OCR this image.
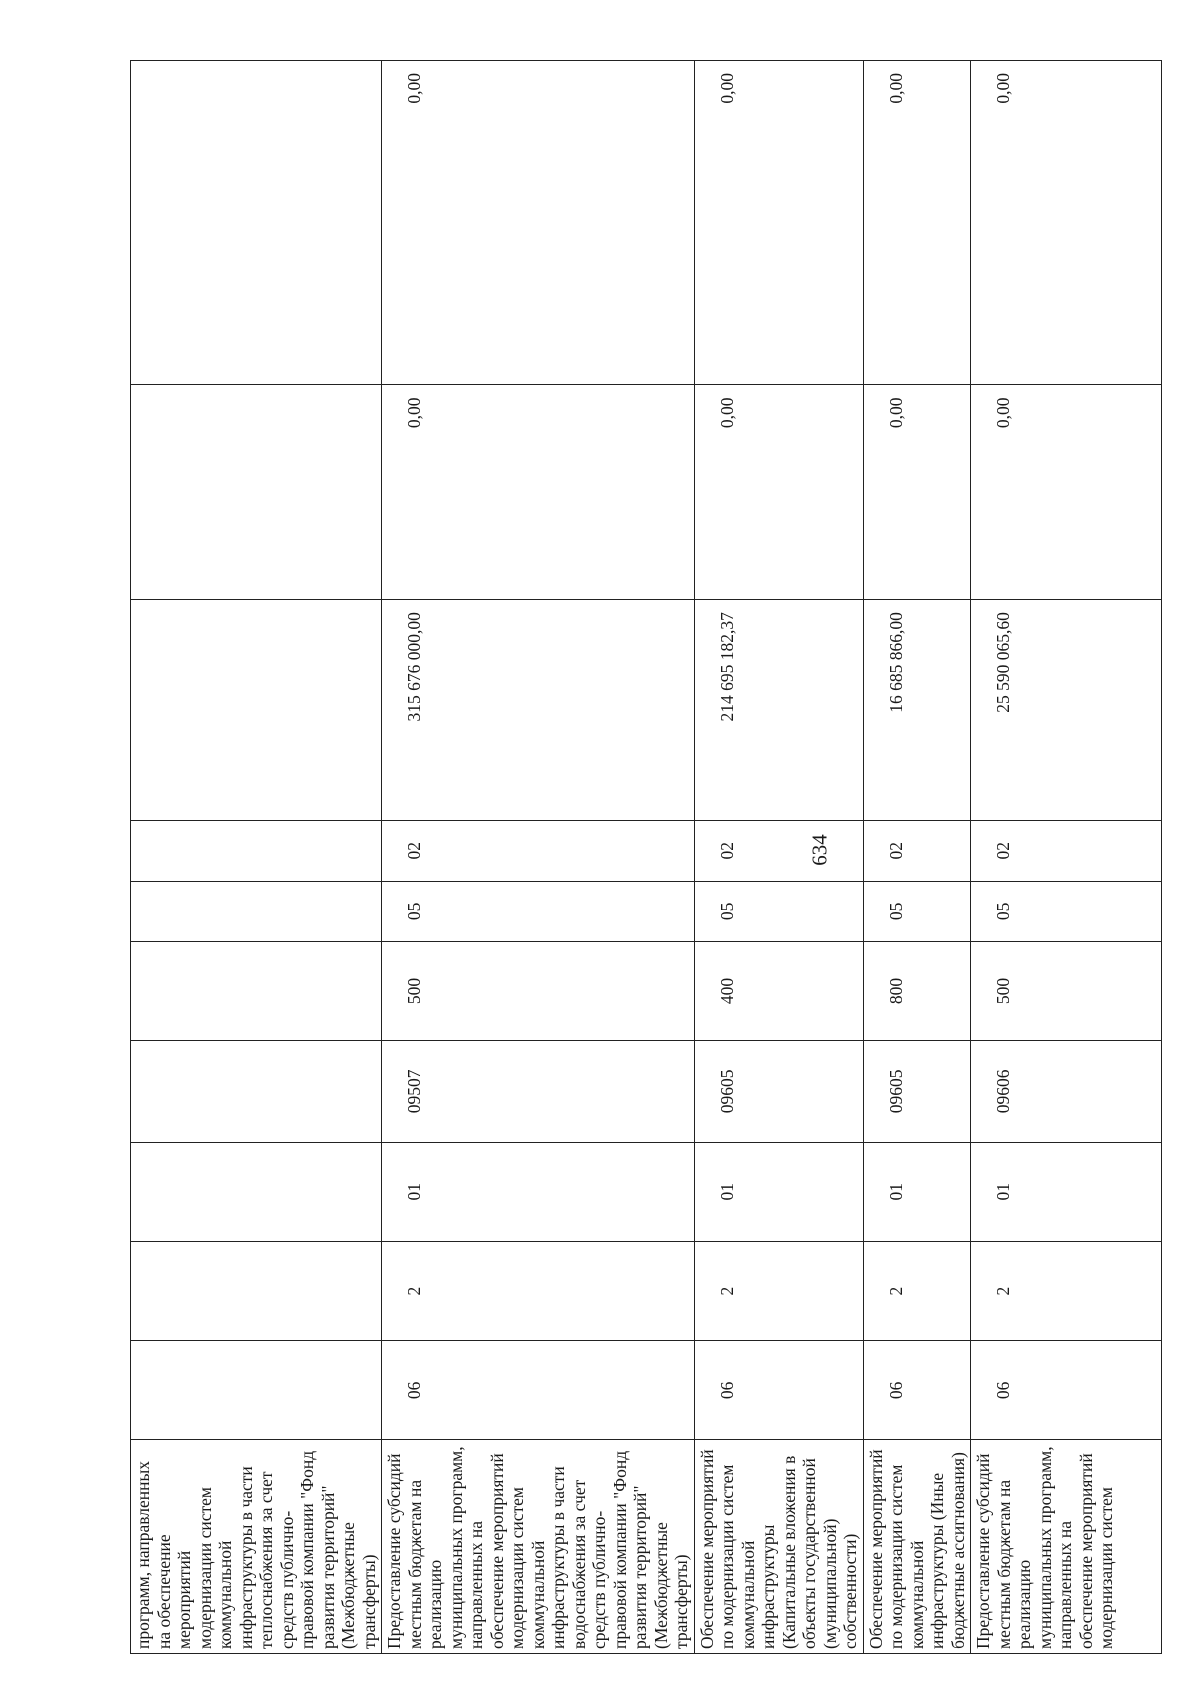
634
программ, направленных на обеспечение мероприятий модернизации систем коммунальной инфраструктуры в части теплоснабжения за счет средств публично-правовой компании "Фонд развития территорий" (Межбюджетные трансферты)										
Предоставление субсидий местным бюджетам на реализацию муниципальных программ, направленных на обеспечение мероприятий модернизации систем коммунальной инфраструктуры в части водоснабжения за счет средств публично-правовой компании "Фонд развития территорий" (Межбюджетные трансферты)	06	2	01	09507	500	05	02	315 676 000,00	0,00	0,00
Обеспечение мероприятий по модернизации систем коммунальной инфраструктуры (Капитальные вложения в объекты государственной (муниципальной) собственности)	06	2	01	09605	400	05	02	214 695 182,37	0,00	0,00
Обеспечение мероприятий по модернизации систем коммунальной инфраструктуры (Иные бюджетные ассигнования)	06	2	01	09605	800	05	02	16 685 866,00	0,00	0,00
Предоставление субсидий местным бюджетам на реализацию муниципальных программ, направленных на обеспечение мероприятий модернизации систем	06	2	01	09606	500	05	02	25 590 065,60	0,00	0,00
